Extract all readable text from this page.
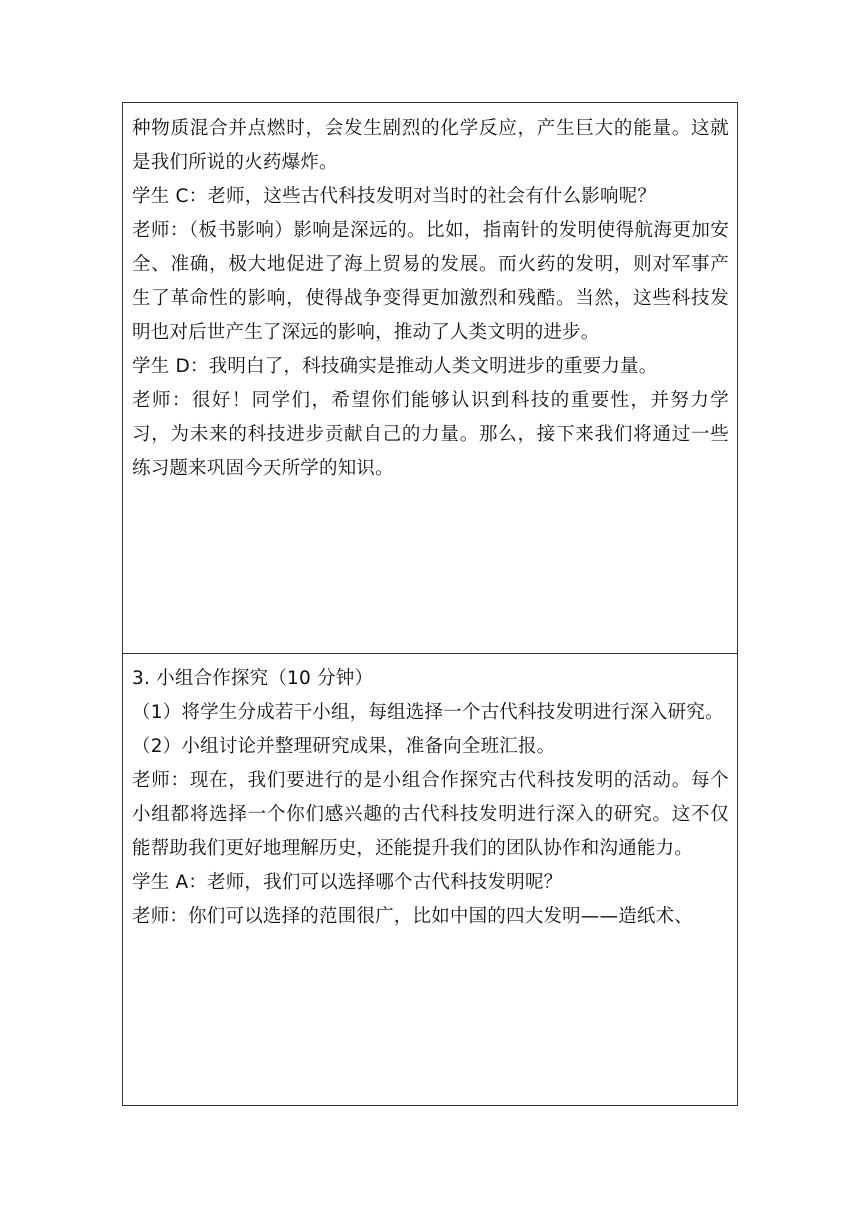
种物质混合并点燃时，会发生剧烈的化学反应，产生巨大的能量。这就是我们所说的火药爆炸。

学生 C：老师，这些古代科技发明对当时的社会有什么影响呢？

老师：（板书影响）影响是深远的。比如，指南针的发明使得航海更加安全、准确，极大地促进了海上贸易的发展。而火药的发明，则对军事产生了革命性的影响，使得战争变得更加激烈和残酷。当然，这些科技发明也对后世产生了深远的影响，推动了人类文明的进步。

学生 D：我明白了，科技确实是推动人类文明进步的重要力量。

老师：很好！同学们，希望你们能够认识到科技的重要性，并努力学习，为未来的科技进步贡献自己的力量。那么，接下来我们将通过一些练习题来巩固今天所学的知识。

3. 小组合作探究（10 分钟）

（1）将学生分成若干小组，每组选择一个古代科技发明进行深入研究。

（2）小组讨论并整理研究成果，准备向全班汇报。

老师：现在，我们要进行的是小组合作探究古代科技发明的活动。每个小组都将选择一个你们感兴趣的古代科技发明进行深入的研究。这不仅能帮助我们更好地理解历史，还能提升我们的团队协作和沟通能力。

学生 A：老师，我们可以选择哪个古代科技发明呢？

老师：你们可以选择的范围很广，比如中国的四大发明——造纸术、
